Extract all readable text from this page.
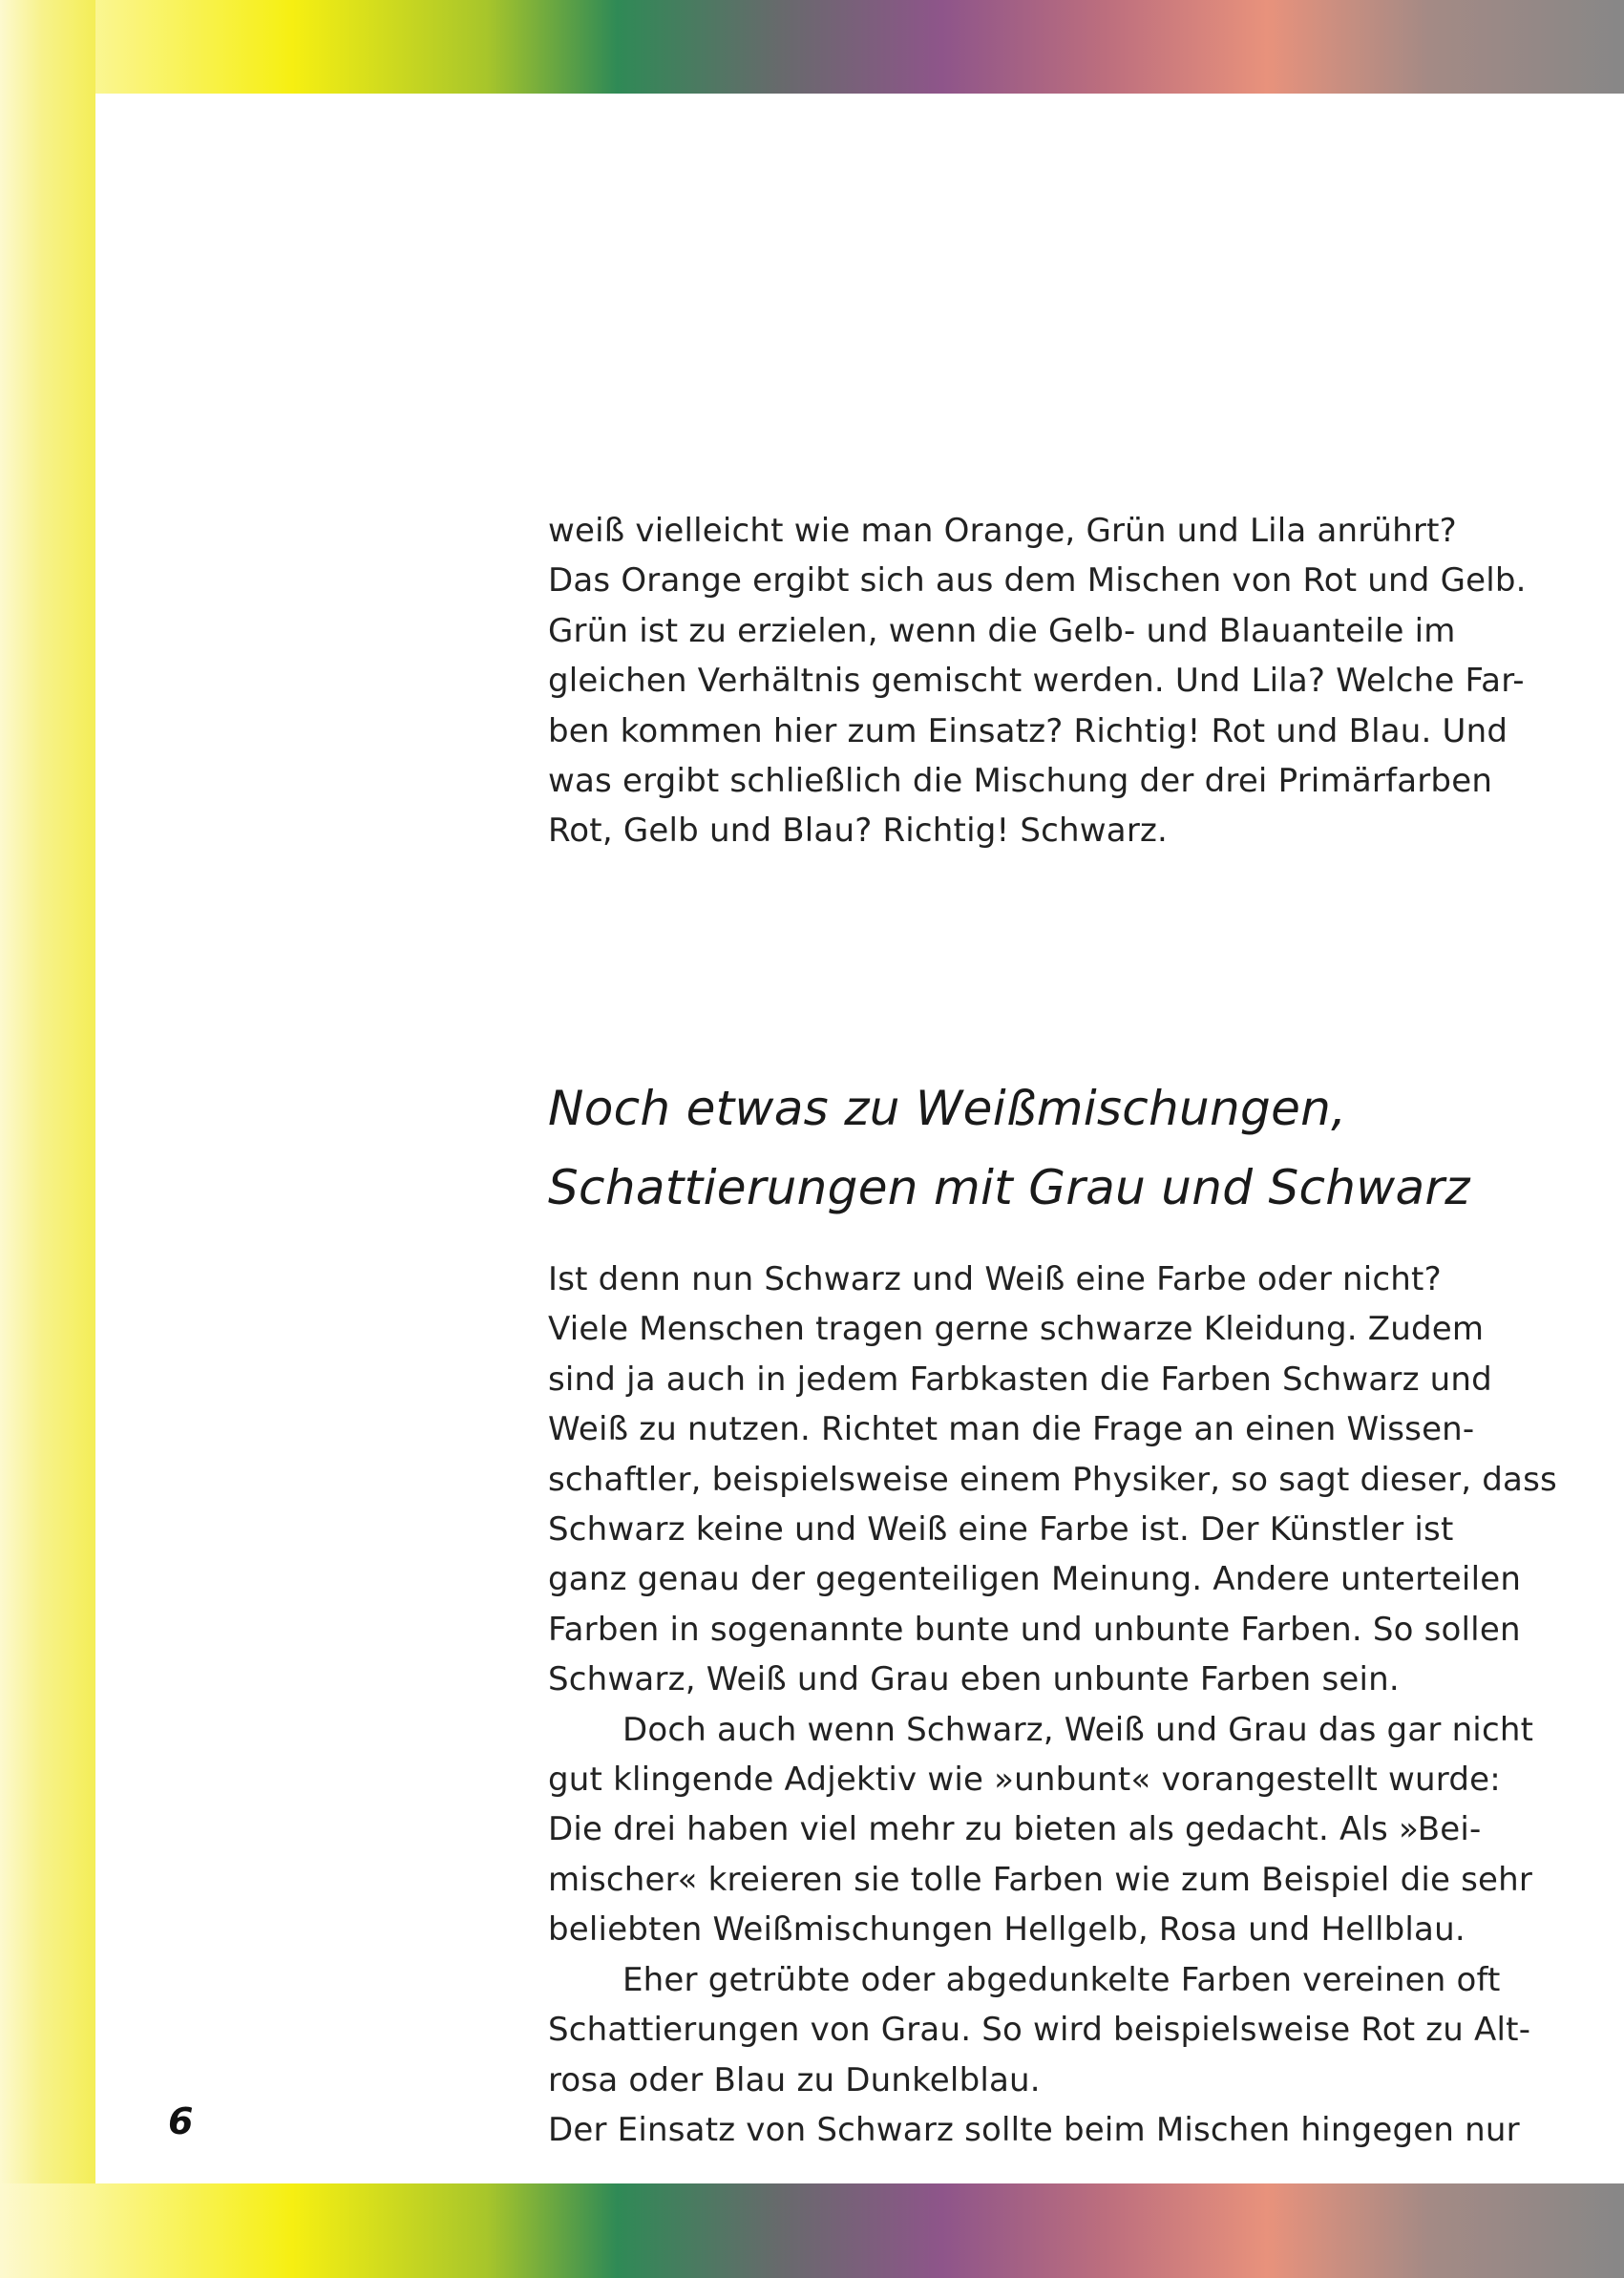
weiß vielleicht wie man Orange, Grün und Lila anrührt?
Das Orange ergibt sich aus dem Mischen von Rot und Gelb.
Grün ist zu erzielen, wenn die Gelb- und Blauanteile im
gleichen Verhältnis gemischt werden. Und Lila? Welche Far-
ben kommen hier zum Einsatz? Richtig! Rot und Blau. Und
was ergibt schließlich die Mischung der drei Primärfarben
Rot, Gelb und Blau? Richtig! Schwarz.

Noch etwas zu Weißmischungen,
Schattierungen mit Grau und Schwarz

Ist denn nun Schwarz und Weiß eine Farbe oder nicht?
Viele Menschen tragen gerne schwarze Kleidung. Zudem
sind ja auch in jedem Farbkasten die Farben Schwarz und
Weiß zu nutzen. Richtet man die Frage an einen Wissen-
schaftler, beispielsweise einem Physiker, so sagt dieser, dass
Schwarz keine und Weiß eine Farbe ist. Der Künstler ist
ganz genau der gegenteiligen Meinung. Andere unterteilen
Farben in sogenannte bunte und unbunte Farben. So sollen
Schwarz, Weiß und Grau eben unbunte Farben sein.
Doch auch wenn Schwarz, Weiß und Grau das gar nicht
gut klingende Adjektiv wie »unbunt« vorangestellt wurde:
Die drei haben viel mehr zu bieten als gedacht. Als »Bei-
mischer« kreieren sie tolle Farben wie zum Beispiel die sehr
beliebten Weißmischungen Hellgelb, Rosa und Hellblau.
Eher getrübte oder abgedunkelte Farben vereinen oft
Schattierungen von Grau. So wird beispielsweise Rot zu Alt-
rosa oder Blau zu Dunkelblau.
Der Einsatz von Schwarz sollte beim Mischen hingegen nur

6
